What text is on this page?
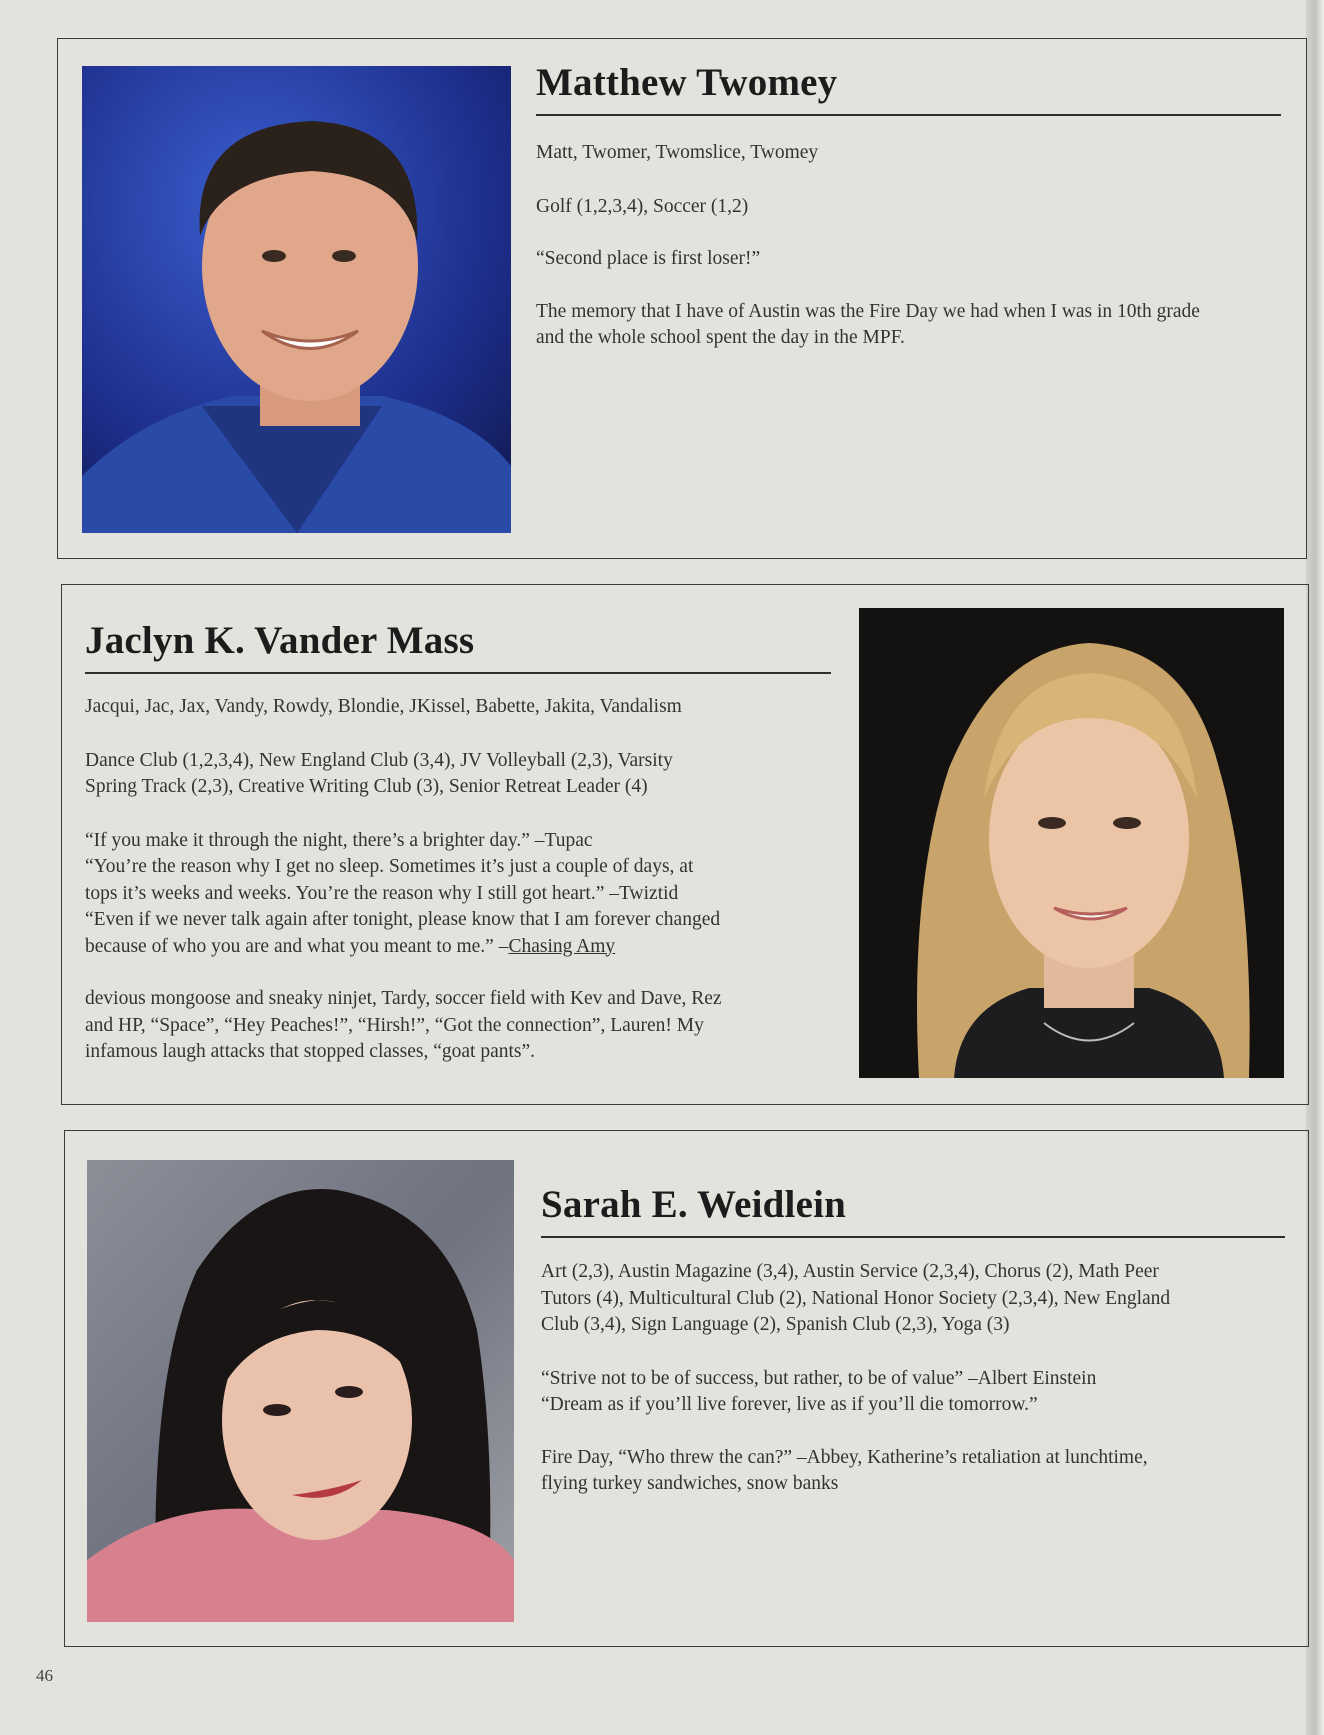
Matthew Twomey

Matt, Twomer, Twomslice, Twomey

Golf (1,2,3,4), Soccer (1,2)

“Second place is first loser!”

The memory that I have of Austin was the Fire Day we had when I was in 10th grade
and the whole school spent the day in the MPF.

Jaclyn K. Vander Mass

Jacqui, Jac, Jax, Vandy, Rowdy, Blondie, JKissel, Babette, Jakita, Vandalism

Dance Club (1,2,3,4), New England Club (3,4), JV Volleyball (2,3), Varsity
Spring Track (2,3), Creative Writing Club (3), Senior Retreat Leader (4)

“If you make it through the night, there’s a brighter day.” –Tupac
“You’re the reason why I get no sleep. Sometimes it’s just a couple of days, at
tops it’s weeks and weeks. You’re the reason why I still got heart.” –Twiztid
“Even if we never talk again after tonight, please know that I am forever changed
because of who you are and what you meant to me.” –Chasing Amy

devious mongoose and sneaky ninjet, Tardy, soccer field with Kev and Dave, Rez
and HP, “Space”, “Hey Peaches!”, “Hirsh!”, “Got the connection”, Lauren! My
infamous laugh attacks that stopped classes, “goat pants”.

Sarah E. Weidlein

Art (2,3), Austin Magazine (3,4), Austin Service (2,3,4), Chorus (2), Math Peer
Tutors (4), Multicultural Club (2), National Honor Society (2,3,4), New England
Club (3,4), Sign Language (2), Spanish Club (2,3), Yoga (3)

“Strive not to be of success, but rather, to be of value” –Albert Einstein
“Dream as if you’ll live forever, live as if you’ll die tomorrow.”

Fire Day, “Who threw the can?” –Abbey, Katherine’s retaliation at lunchtime,
flying turkey sandwiches, snow banks

46
